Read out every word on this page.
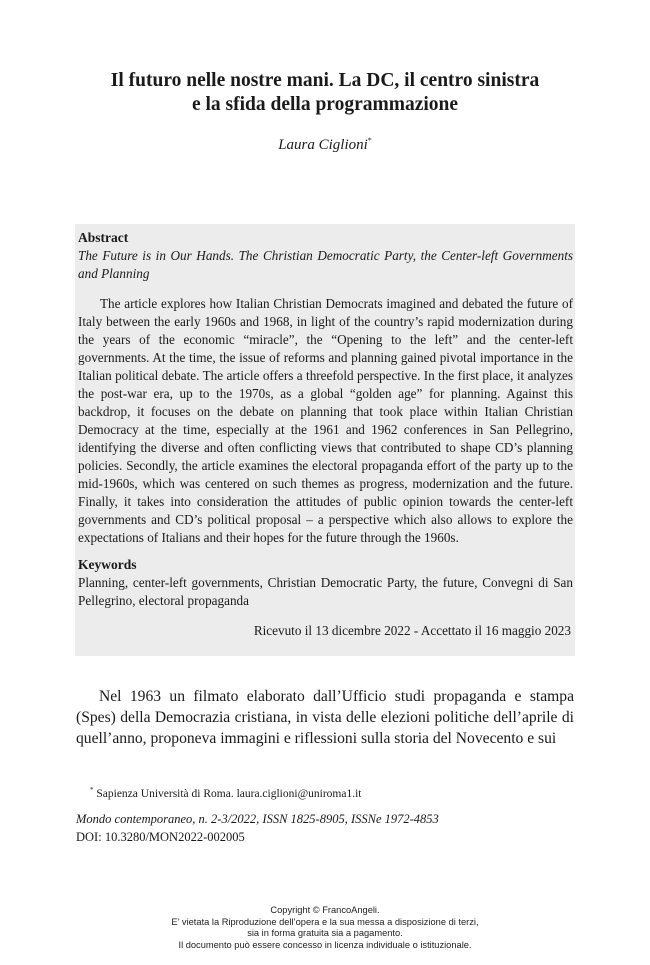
Il futuro nelle nostre mani. La DC, il centro sinistra
e la sfida della programmazione
Laura Ciglioni*
Abstract
The Future is in Our Hands. The Christian Democratic Party, the Center-left Governments and Planning
The article explores how Italian Christian Democrats imagined and debated the future of Italy between the early 1960s and 1968, in light of the country’s rapid modernization during the years of the economic “miracle”, the “Opening to the left” and the center-left governments. At the time, the issue of reforms and planning gained pivotal importance in the Italian political debate. The article offers a threefold perspective. In the first place, it analyzes the post-war era, up to the 1970s, as a global “golden age” for planning. Against this backdrop, it focuses on the debate on planning that took place within Italian Christian Democracy at the time, especially at the 1961 and 1962 conferences in San Pellegrino, identifying the diverse and often conflicting views that contributed to shape CD’s planning policies. Secondly, the article examines the electoral propaganda effort of the party up to the mid-1960s, which was centered on such themes as progress, modernization and the future. Finally, it takes into consideration the attitudes of public opinion towards the center-left governments and CD’s political proposal – a perspective which also allows to explore the expectations of Italians and their hopes for the future through the 1960s.
Keywords
Planning, center-left governments, Christian Democratic Party, the future, Convegni di San Pellegrino, electoral propaganda
Ricevuto il 13 dicembre 2022 - Accettato il 16 maggio 2023
Nel 1963 un filmato elaborato dall’Ufficio studi propaganda e stampa (Spes) della Democrazia cristiana, in vista delle elezioni politiche dell’aprile di quell’anno, proponeva immagini e riflessioni sulla storia del Novecento e sui
* Sapienza Università di Roma. laura.ciglioni@uniroma1.it
Mondo contemporaneo, n. 2-3/2022, ISSN 1825-8905, ISSNe 1972-4853
DOI: 10.3280/MON2022-002005
Copyright © FrancoAngeli.
E’ vietata la Riproduzione dell’opera e la sua messa a disposizione di terzi,
sia in forma gratuita sia a pagamento.
Il documento può essere concesso in licenza individuale o istituzionale.
